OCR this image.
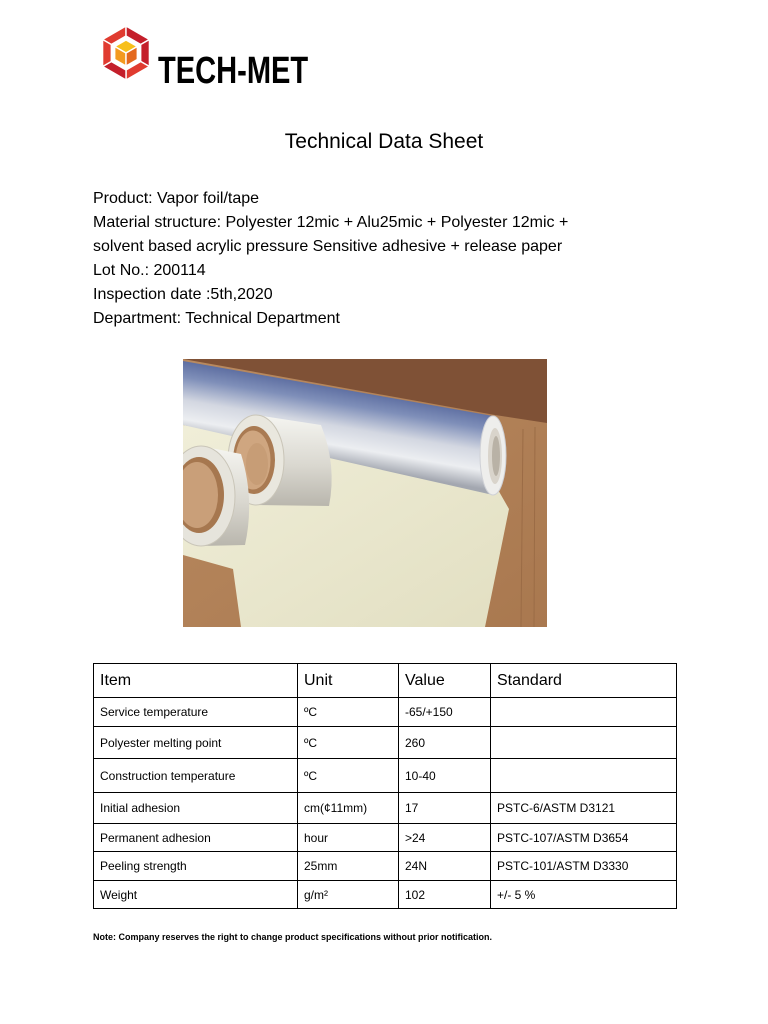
TECH-MET
Technical Data Sheet
Product: Vapor foil/tape
Material structure: Polyester 12mic + Alu25mic + Polyester 12mic +
solvent based acrylic pressure Sensitive adhesive + release paper
Lot No.: 200114
Inspection date :5th,2020
Department: Technical Department
Item	Unit	Value	Standard
Service temperature	ºC	-65/+150	
Polyester melting point	ºC	260	
Construction temperature	ºC	10-40	
Initial adhesion	cm(¢11mm)	17	PSTC-6/ASTM D3121
Permanent adhesion	hour	>24	PSTC-107/ASTM D3654
Peeling strength	25mm	24N	PSTC-101/ASTM D3330
Weight	g/m²	102	+/- 5 %
Note: Company reserves the right to change product specifications without prior notification.
